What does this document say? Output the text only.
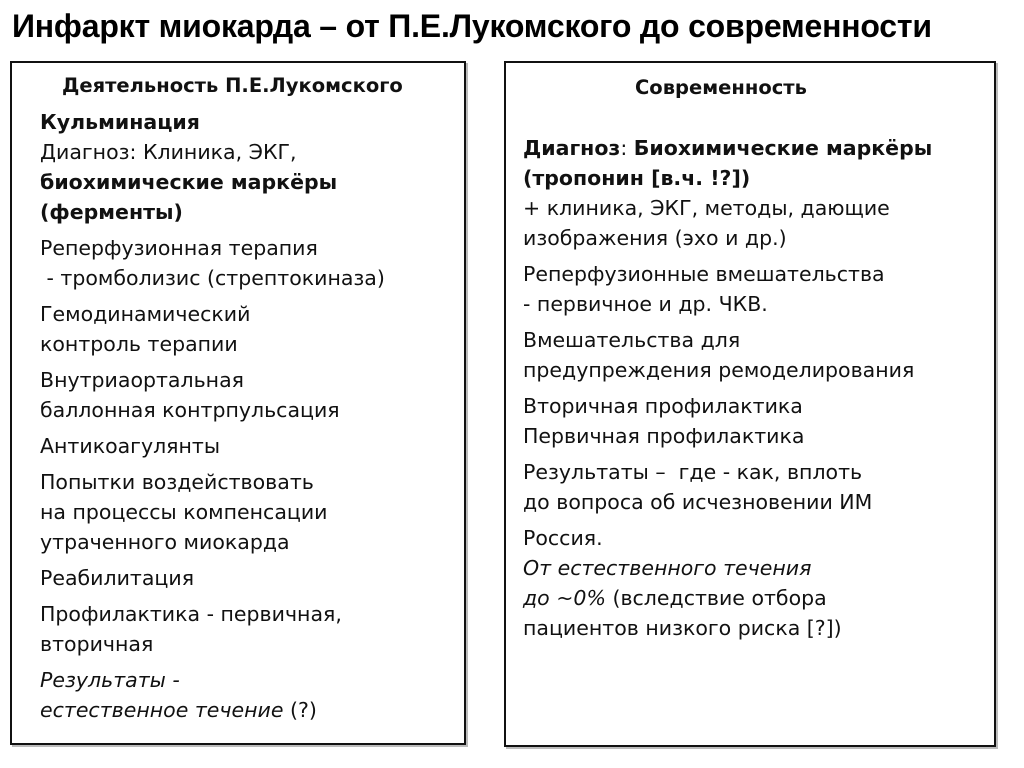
Инфаркт миокарда – от П.Е.Лукомского до современности
Деятельность П.Е.Лукомского
Кульминация
Диагноз: Клиника, ЭКГ,
биохимические маркёры
(ферменты)
Реперфузионная терапия
- тромболизис (стрептокиназа)
Гемодинамический
контроль терапии
Внутриаортальная
баллонная контрпульсация
Антикоагулянты
Попытки воздействовать
на процессы компенсации
утраченного миокарда
Реабилитация
Профилактика - первичная,
вторичная
Результаты -
естественное течение (?)
Современность
Диагноз: Биохимические маркёры
(тропонин [в.ч. !?])
+ клиника, ЭКГ, методы, дающие
изображения (эхо и др.)
Реперфузионные вмешательства
- первичное и др. ЧКВ.
Вмешательства для
предупреждения ремоделирования
Вторичная профилактика
Первичная профилактика
Результаты –  где - как, вплоть
до вопроса об исчезновении ИМ
Россия.
От естественного течения
до ~0% (вследствие отбора
пациентов низкого риска [?])
